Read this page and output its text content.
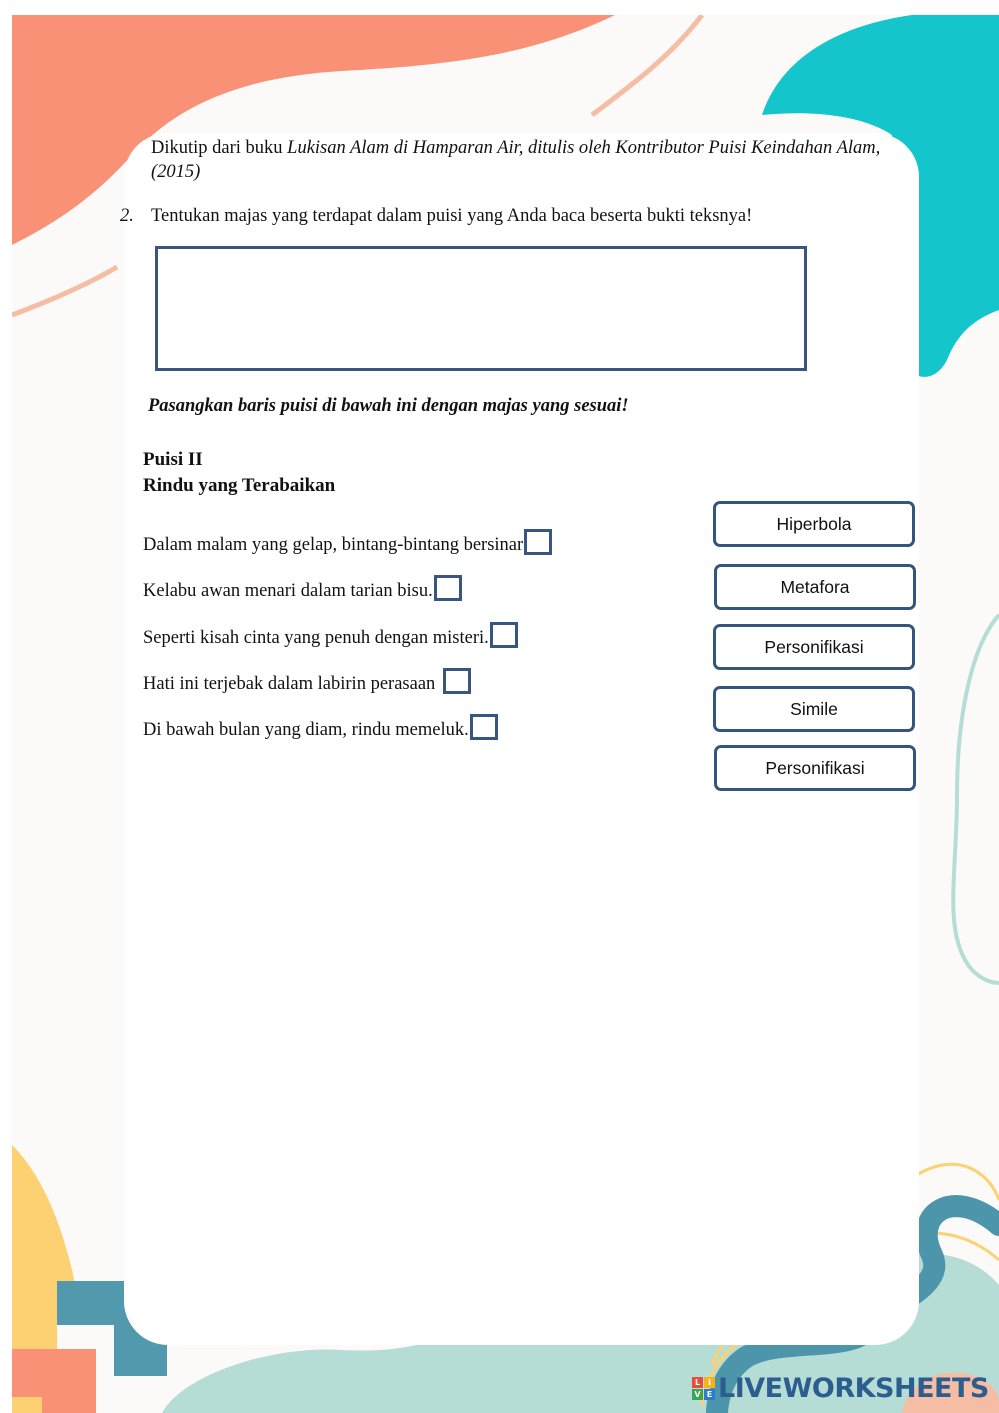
Dikutip dari buku Lukisan Alam di Hamparan Air, ditulis oleh Kontributor Puisi Keindahan Alam, (2015)
2. Tentukan majas yang terdapat dalam puisi yang Anda baca beserta bukti teksnya!
Pasangkan baris puisi di bawah ini dengan majas yang sesuai!
Puisi II
Rindu yang Terabaikan
Dalam malam yang gelap, bintang-bintang bersinar
Kelabu awan menari dalam tarian bisu.
Seperti kisah cinta yang penuh dengan misteri.
Hati ini terjebak dalam labirin perasaan
Di bawah bulan yang diam, rindu memeluk.
Hiperbola
Metafora
Personifikasi
Simile
Personifikasi
L I
V E LIVEWORKSHEETS
